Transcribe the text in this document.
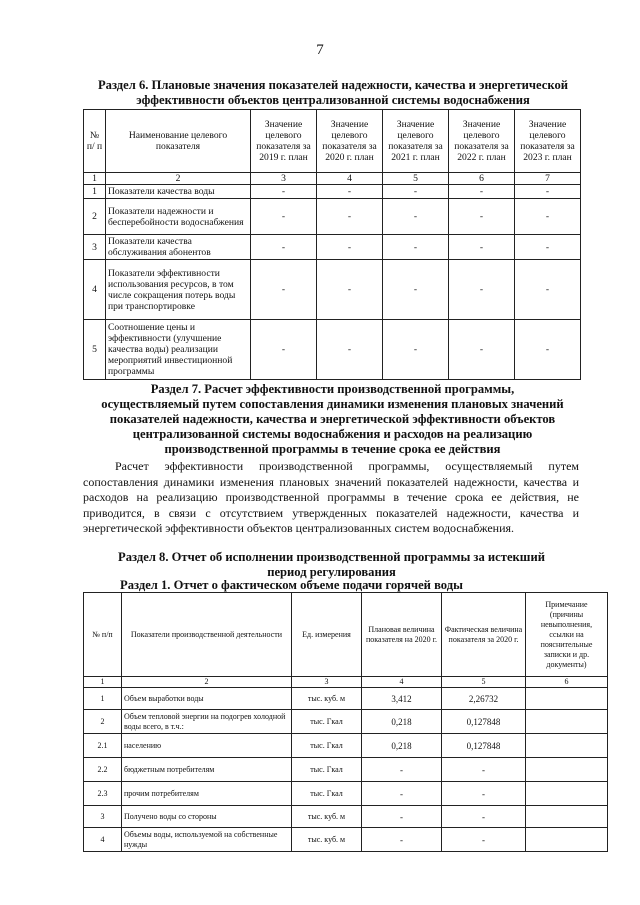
7
Раздел 6. Плановые значения показателей надежности, качества и энергетической
эффективности объектов централизованной системы водоснабжения
№ п/ п	Наименование целевого показателя	Значение целевого показателя за 2019 г. план	Значение целевого показателя за 2020 г. план	Значение целевого показателя за 2021 г. план	Значение целевого показателя за 2022 г. план	Значение целевого показателя за 2023 г. план
1	2	3	4	5	6	7
1	Показатели качества воды	-	-	-	-	-
2	Показатели надежности и бесперебойности водоснабжения	-	-	-	-	-
3	Показатели качества обслуживания абонентов	-	-	-	-	-
4	Показатели эффективности использования ресурсов, в том числе сокращения потерь воды при транспортировке	-	-	-	-	-
5	Соотношение цены и эффективности (улучшение качества воды) реализации мероприятий инвестиционной программы	-	-	-	-	-
Раздел 7. Расчет эффективности производственной программы,
осуществляемый путем сопоставления динамики изменения плановых значений
показателей надежности, качества и энергетической эффективности объектов
централизованной системы водоснабжения и расходов на реализацию
производственной программы в течение срока ее действия

Расчет эффективности производственной программы, осуществляемый путем сопоставления динамики изменения плановых значений показателей надежности, качества и расходов на реализацию производственной программы в течение срока ее действия, не приводится, в связи с отсутствием утвержденных показателей надежности, качества и энергетической эффективности объектов централизованных систем водоснабжения.

Раздел 8. Отчет об исполнении производственной программы за истекший
период регулирования
Раздел 1. Отчет о фактическом объеме подачи горячей воды
№ п/п	Показатели производственной деятельности	Ед. измерения	Плановая величина показателя на 2020 г.	Фактическая величина показателя за 2020 г.	Примечание (причины невыполнения, ссылки на пояснительные записки и др. документы)
1	2	3	4	5	6
1	Объем выработки воды	тыс. куб. м	3,412	2,26732	
2	Объем тепловой энергии на подогрев холодной воды всего, в т.ч.:	тыс. Гкал	0,218	0,127848	
2.1	населению	тыс. Гкал	0,218	0,127848	
2.2	бюджетным потребителям	тыс. Гкал	-	-	
2.3	прочим потребителям	тыс. Гкал	-	-	
3	Получено воды со стороны	тыс. куб. м	-	-	
4	Объемы воды, используемой на собственные нужды	тыс. куб. м	-	-	
